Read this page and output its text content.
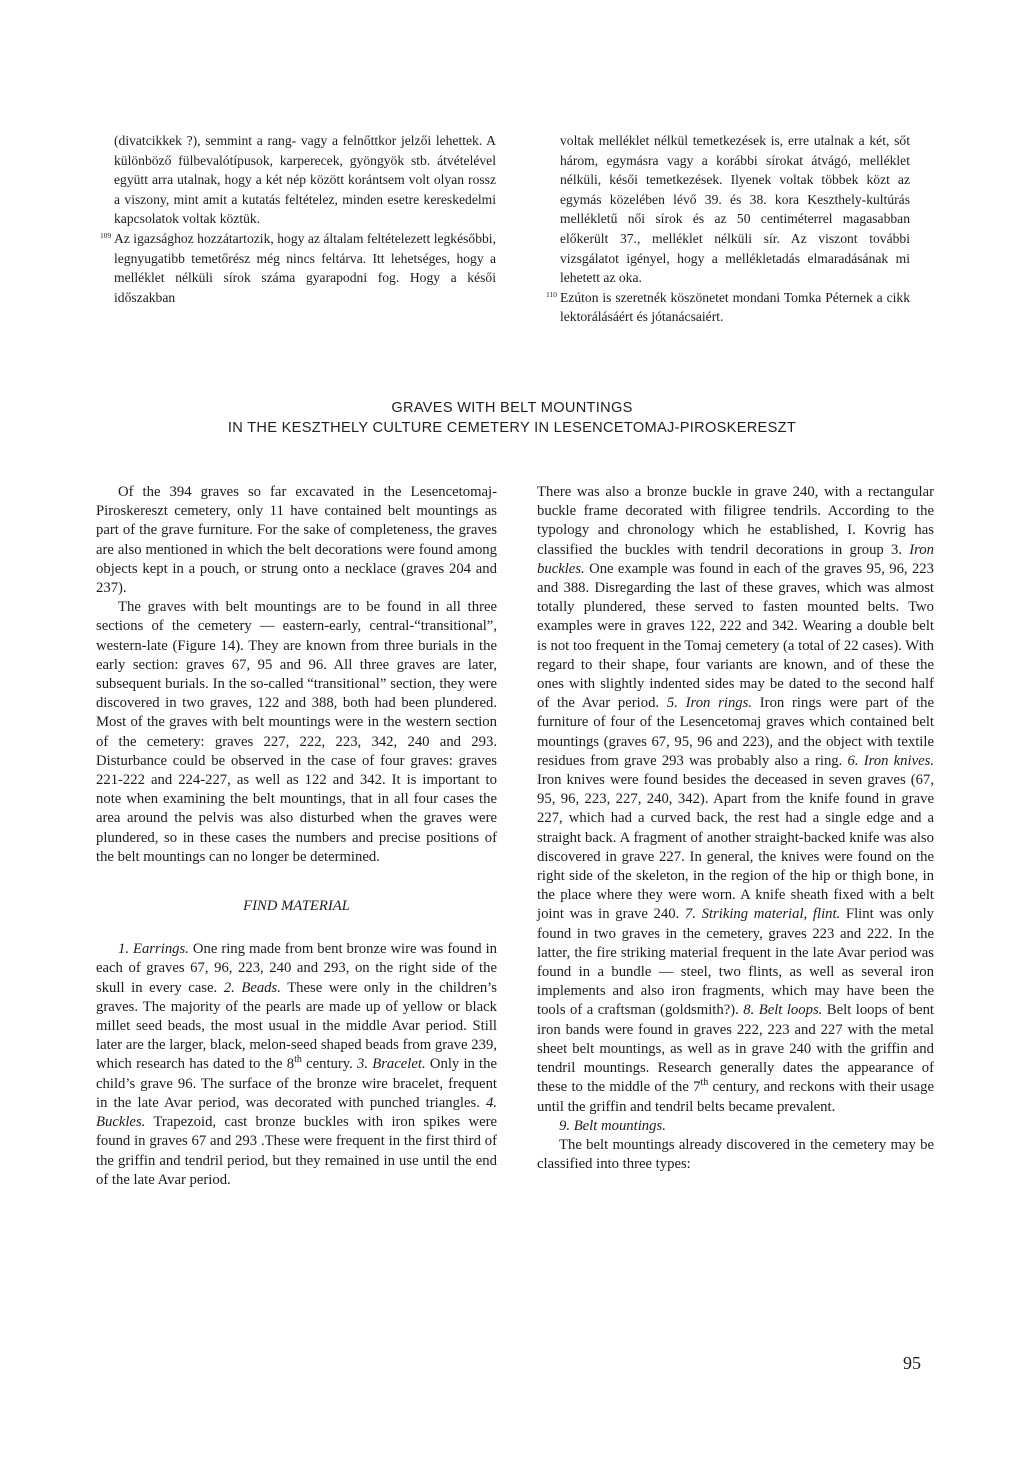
(divatcikkek ?), semmint a rang- vagy a felnőttkor jelzői lehettek. A különböző fülbevalótípusok, karperecek, gyöngyök stb. átvételével együtt arra utalnak, hogy a két nép között korántsem volt olyan rossz a viszony, mint amit a kutatás feltételez, minden esetre kereskedelmi kapcsolatok voltak köztük.

109 Az igazsághoz hozzátartozik, hogy az általam feltételezett legkésőbbi, legnyugatibb temetőrész még nincs feltárva. Itt lehetséges, hogy a melléklet nélküli sírok száma gyarapodni fog. Hogy a késői időszakban

voltak melléklet nélkül temetkezések is, erre utalnak a két, sőt három, egymásra vagy a korábbi sírokat átvágó, melléklet nélküli, késői temetkezések. Ilyenek voltak többek közt az egymás közelében lévő 39. és 38. kora Keszthely-kultúrás mellékletű női sírok és az 50 centiméterrel magasabban előkerült 37., melléklet nélküli sír. Az viszont további vizsgálatot igényel, hogy a mellékletadás elmaradásának mi lehetett az oka.

110 Ezúton is szeretnék köszönetet mondani Tomka Péternek a cikk lektorálásáért és jótanácsaiért.

GRAVES WITH BELT MOUNTINGS
IN THE KESZTHELY CULTURE CEMETERY IN LESENCETOMAJ-PIROSKERESZT

Of the 394 graves so far excavated in the Lesencetomaj-Piroskereszt cemetery, only 11 have contained belt mountings as part of the grave furniture. For the sake of completeness, the graves are also mentioned in which the belt decorations were found among objects kept in a pouch, or strung onto a necklace (graves 204 and 237).

The graves with belt mountings are to be found in all three sections of the cemetery — eastern-early, central-“transitional”, western-late (Figure 14). They are known from three burials in the early section: graves 67, 95 and 96. All three graves are later, subsequent burials. In the so-called “transitional” section, they were discovered in two graves, 122 and 388, both had been plundered. Most of the graves with belt mountings were in the western section of the cemetery: graves 227, 222, 223, 342, 240 and 293. Disturbance could be observed in the case of four graves: graves 221-222 and 224-227, as well as 122 and 342. It is important to note when examining the belt mountings, that in all four cases the area around the pelvis was also disturbed when the graves were plundered, so in these cases the numbers and precise positions of the belt mountings can no longer be determined.

FIND MATERIAL

1. Earrings. One ring made from bent bronze wire was found in each of graves 67, 96, 223, 240 and 293, on the right side of the skull in every case. 2. Beads. These were only in the children’s graves. The majority of the pearls are made up of yellow or black millet seed beads, the most usual in the middle Avar period. Still later are the larger, black, melon-seed shaped beads from grave 239, which research has dated to the 8th century. 3. Bracelet. Only in the child’s grave 96. The surface of the bronze wire bracelet, frequent in the late Avar period, was decorated with punched triangles. 4. Buckles. Trapezoid, cast bronze buckles with iron spikes were found in graves 67 and 293 .These were frequent in the first third of the griffin and tendril period, but they remained in use until the end of the late Avar period.

There was also a bronze buckle in grave 240, with a rectangular buckle frame decorated with filigree tendrils. According to the typology and chronology which he established, I. Kovrig has classified the buckles with tendril decorations in group 3. Iron buckles. One example was found in each of the graves 95, 96, 223 and 388. Disregarding the last of these graves, which was almost totally plundered, these served to fasten mounted belts. Two examples were in graves 122, 222 and 342. Wearing a double belt is not too frequent in the Tomaj cemetery (a total of 22 cases). With regard to their shape, four variants are known, and of these the ones with slightly indented sides may be dated to the second half of the Avar period. 5. Iron rings. Iron rings were part of the furniture of four of the Lesencetomaj graves which contained belt mountings (graves 67, 95, 96 and 223), and the object with textile residues from grave 293 was probably also a ring. 6. Iron knives. Iron knives were found besides the deceased in seven graves (67, 95, 96, 223, 227, 240, 342). Apart from the knife found in grave 227, which had a curved back, the rest had a single edge and a straight back. A fragment of another straight-backed knife was also discovered in grave 227. In general, the knives were found on the right side of the skeleton, in the region of the hip or thigh bone, in the place where they were worn. A knife sheath fixed with a belt joint was in grave 240. 7. Striking material, flint. Flint was only found in two graves in the cemetery, graves 223 and 222. In the latter, the fire striking material frequent in the late Avar period was found in a bundle — steel, two flints, as well as several iron implements and also iron fragments, which may have been the tools of a craftsman (goldsmith?). 8. Belt loops. Belt loops of bent iron bands were found in graves 222, 223 and 227 with the metal sheet belt mountings, as well as in grave 240 with the griffin and tendril mountings. Research generally dates the appearance of these to the middle of the 7th century, and reckons with their usage until the griffin and tendril belts became prevalent.

9. Belt mountings.

The belt mountings already discovered in the cemetery may be classified into three types:

95
